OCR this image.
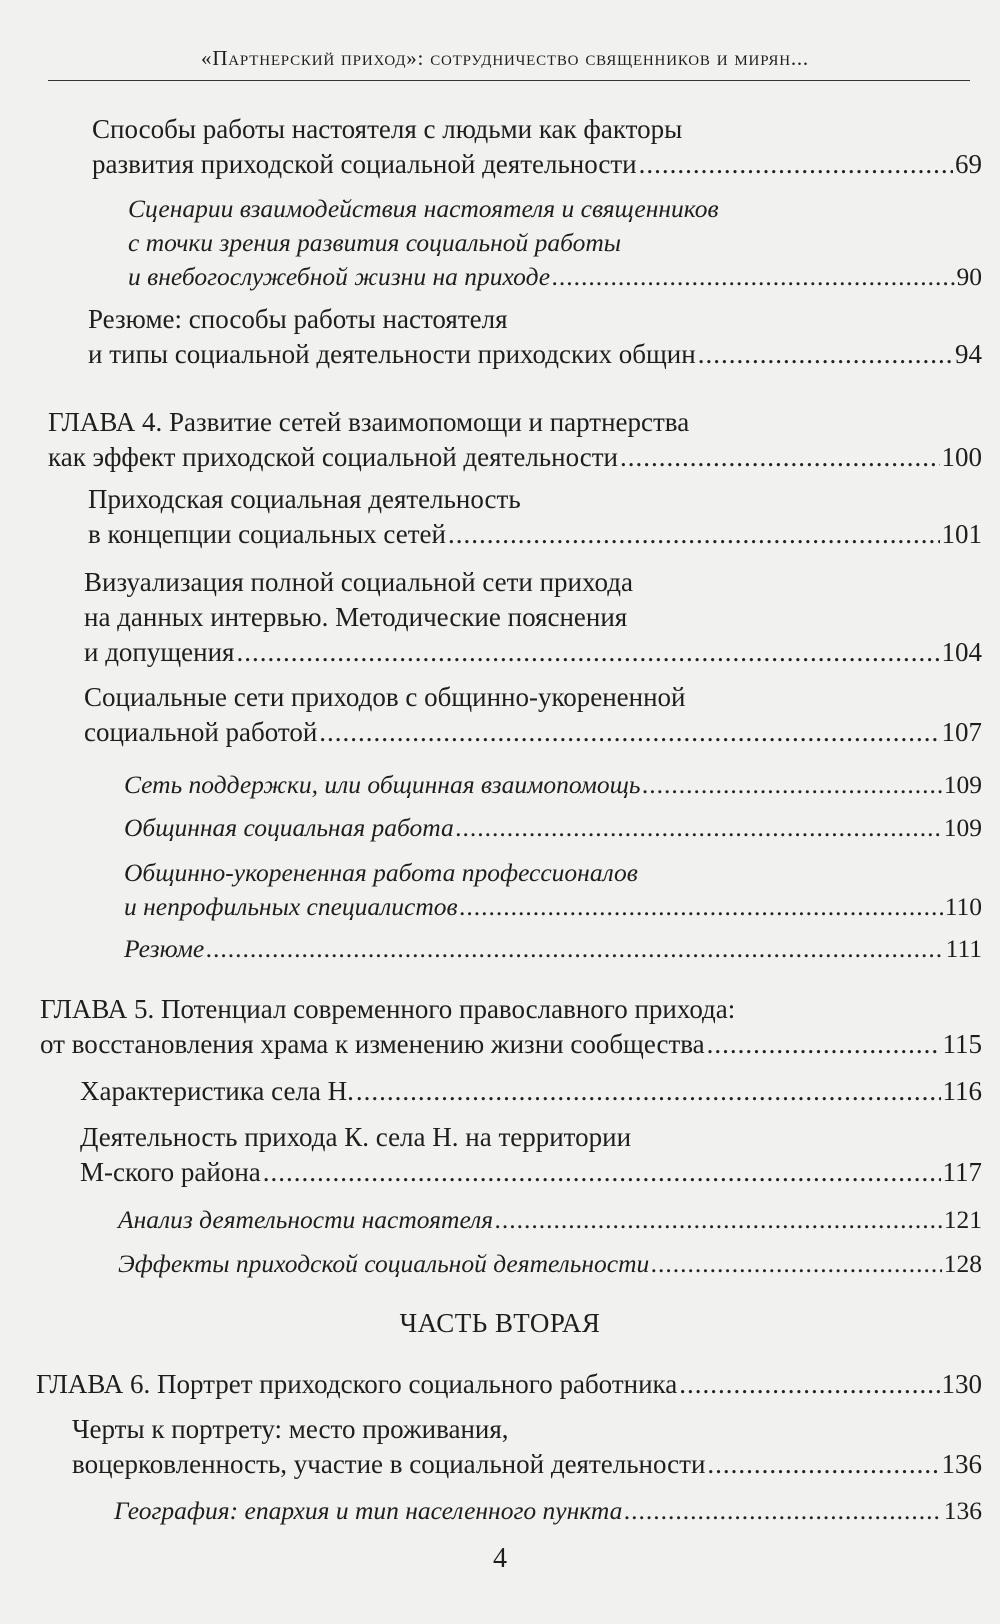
«Партнерский приход»: сотрудничество священников и мирян...
Способы работы настоятеля с людьми как факторы
развития приходской социальной деятельности .....	69
Сценарии взаимодействия настоятеля и священников
с точки зрения развития социальной работы
и внебогослужебной жизни на приходе .....	90
Резюме: способы работы настоятеля
и типы социальной деятельности приходских общин .....	94
ГЛАВА 4. Развитие сетей взаимопомощи и партнерства
как эффект приходской социальной деятельности .....	100
Приходская социальная деятельность
в концепции социальных сетей .....	101
Визуализация полной социальной сети прихода
на данных интервью. Методические пояснения
и допущения .....	104
Социальные сети приходов с общинно-укорененной
социальной работой .....	107
Сеть поддержки, или общинная взаимопомощь .....	109
Общинная социальная работа .....	109
Общинно-укорененная работа профессионалов
и непрофильных специалистов .....	110
Резюме .....	111
ГЛАВА 5. Потенциал современного православного прихода:
от восстановления храма к изменению жизни сообщества .....	115
Характеристика села Н. .....	116
Деятельность прихода К. села Н. на территории
М-ского района .....	117
Анализ деятельности настоятеля .....	121
Эффекты приходской социальной деятельности .....	128
ГЛАВА 6. Портрет приходского социального работника .....	130
Черты к портрету: место проживания,
воцерковленность, участие в социальной деятельности .....	136
География: епархия и тип населенного пункта .....	136
ЧАСТЬ ВТОРАЯ
4
